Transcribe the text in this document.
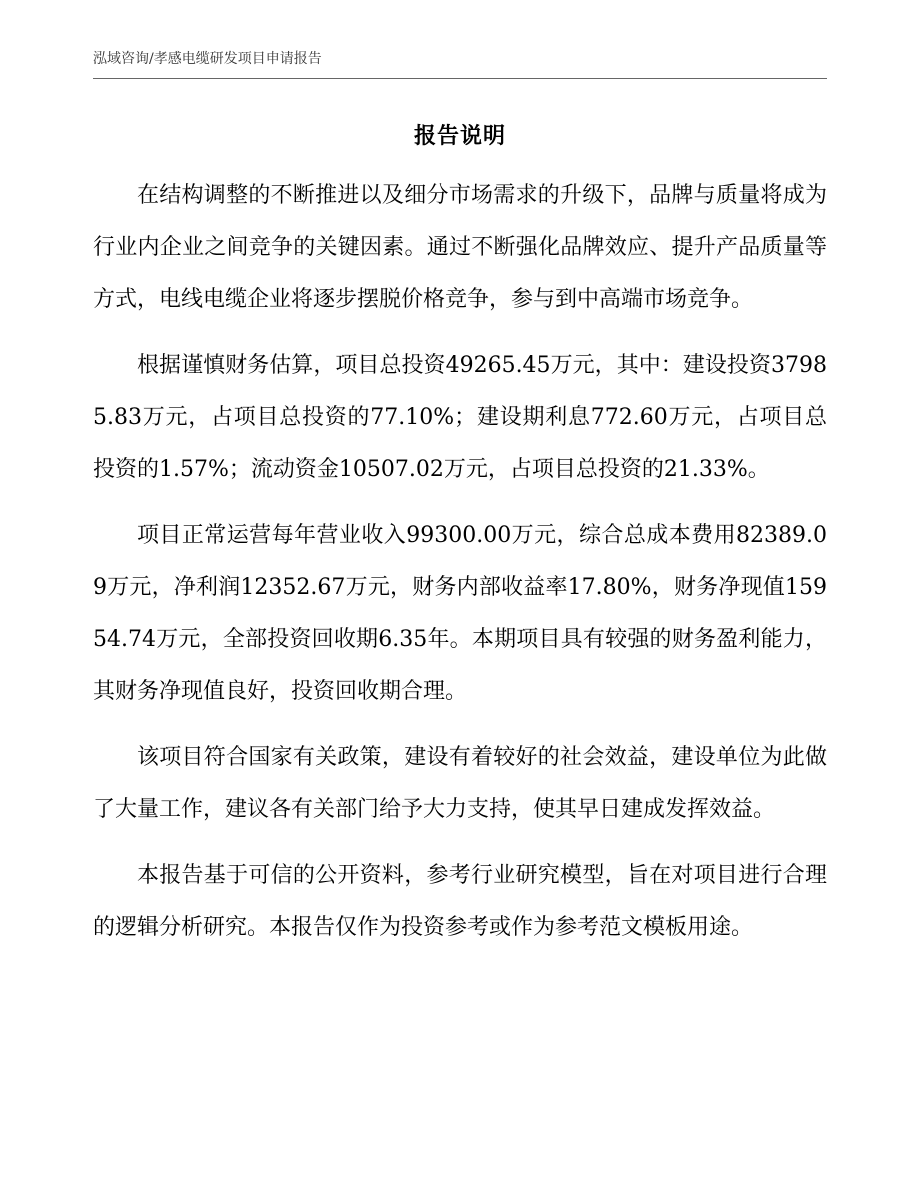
泓域咨询/孝感电缆研发项目申请报告
报告说明

在结构调整的不断推进以及细分市场需求的升级下，品牌与质量将成为行业内企业之间竞争的关键因素。通过不断强化品牌效应、提升产品质量等方式，电线电缆企业将逐步摆脱价格竞争，参与到中高端市场竞争。

根据谨慎财务估算，项目总投资49265.45万元，其中：建设投资37985.83万元，占项目总投资的77.10%；建设期利息772.60万元，占项目总投资的1.57%；流动资金10507.02万元，占项目总投资的21.33%。

项目正常运营每年营业收入99300.00万元，综合总成本费用82389.09万元，净利润12352.67万元，财务内部收益率17.80%，财务净现值15954.74万元，全部投资回收期6.35年。本期项目具有较强的财务盈利能力，其财务净现值良好，投资回收期合理。

该项目符合国家有关政策，建设有着较好的社会效益，建设单位为此做了大量工作，建议各有关部门给予大力支持，使其早日建成发挥效益。

本报告基于可信的公开资料，参考行业研究模型，旨在对项目进行合理的逻辑分析研究。本报告仅作为投资参考或作为参考范文模板用途。
